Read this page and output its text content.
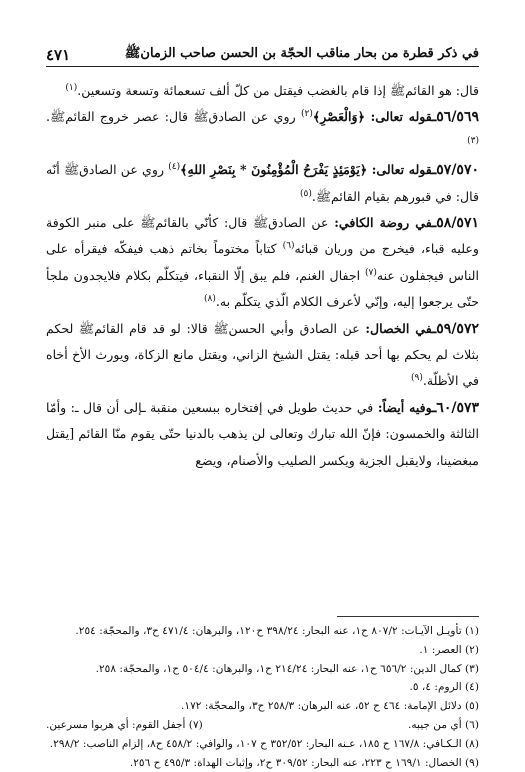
في ذكر قطرة من بحار مناقب الحجّة بن الحسن صاحب الزمانﷺ
٤٧١

قال: هو القائمﷺ إذا قام بالغضب فيقتل من كلّ ألف تسعمائة وتسعة وتسعين.$^{(١)}$

٥٦/٥٦٩ـقوله تعالى: ﴿وَالْعَصْرِ﴾$^{(٢)}$ روي عن الصادقﷺ قال: عصر خروج القائمﷺ.$^{(٣)}$

٥٧/٥٧٠ـقوله تعالى: ﴿يَوْمَئِذٍ يَفْرَحُ الْمُؤْمِنُونَ * بِنَصْرِ اللهِ﴾$^{(٤)}$ روي عن الصادقﷺ أنّه قال: في قبورهم بقيام القائمﷺ.$^{(٥)}$

٥٨/٥٧١ـفي روضة الكافي: عن الصادقﷺ قال: كأنّي بالقائمﷺ على منبر الكوفة وعليه قباء، فيخرج من وريان قبائه$^{(٦)}$ كتاباً مختوماً بخاتم ذهب فيفكّه فيقرأه على الناس فيجفلون عنه$^{(٧)}$ اجفال الغنم، فلم يبق إلّا النقباء، فيتكلّم بكلام فلايجدون ملجأ حتّى يرجعوا إليه، وإنّي لأعرف الكلام الّذي يتكلّم به.$^{(٨)}$

٥٩/٥٧٢ـفي الخصال: عن الصادق وأبي الحسنﷺ قالا: لو قد قام القائمﷺ لحكم بثلاث لم يحكم بها أحد قبله: يقتل الشيخ الزاني، ويقتل مانع الزكاة، ويورث الأخ أخاه في الأظلّة.$^{(٩)}$

٦٠/٥٧٣ـوفيه أيضاً: في حديث طويل في إفتخاره ببسعين منقبة ـإلى أن قال ـ: وأمّا الثالثة والخمسون: فإنّ الله تبارك وتعالى لن يذهب بالدنيا حتّى يقوم منّا القائم [يقتل مبغضينا، ولايقبل الجزية ويكسر الصليب والأصنام، ويضع

(١) تأويـل الآيـات: ٨٠٧/٢ ح١، عنه البحار: ٣٩٨/٢٤ ح١٢٠، والبرهان: ٤٧١/٤ ح٣، والمحجّة: ٢٥٤.

(٢) العصر: ١.

(٣) كمال الدين: ٦٥٦/٢ ح١، عنه البحار: ٢١٤/٢٤ ح١، والبرهان: ٥٠٤/٤ ح١، والمحجّة: ٢٥٨.

(٤) الروم: ٤، ٥.

(٥) دلائل الإمامة: ٤٦٤ ح ٥٢، عنه البرهان: ٢٥٨/٣ ح٣، والمحجّة: ١٧٢.

(٦) أي من جيبه.
(٧) أجفل القوم: أي هربوا مسرعين.

(٨) الـكـافي: ١٦٧/٨ ح ١٨٥، عـنه البحار: ٣٥٢/٥٢ ح ١٠٧، والوافي: ٤٥٨/٢ ح٨، إلزام الناصب: ٢٩٨/٢.

(٩) الخصال: ١٦٩/١ ح ٢٢٣، عنه البحار: ٣٠٩/٥٢ ح٢، وإثبات الهداة: ٤٩٥/٣ ح ٢٥٦.
